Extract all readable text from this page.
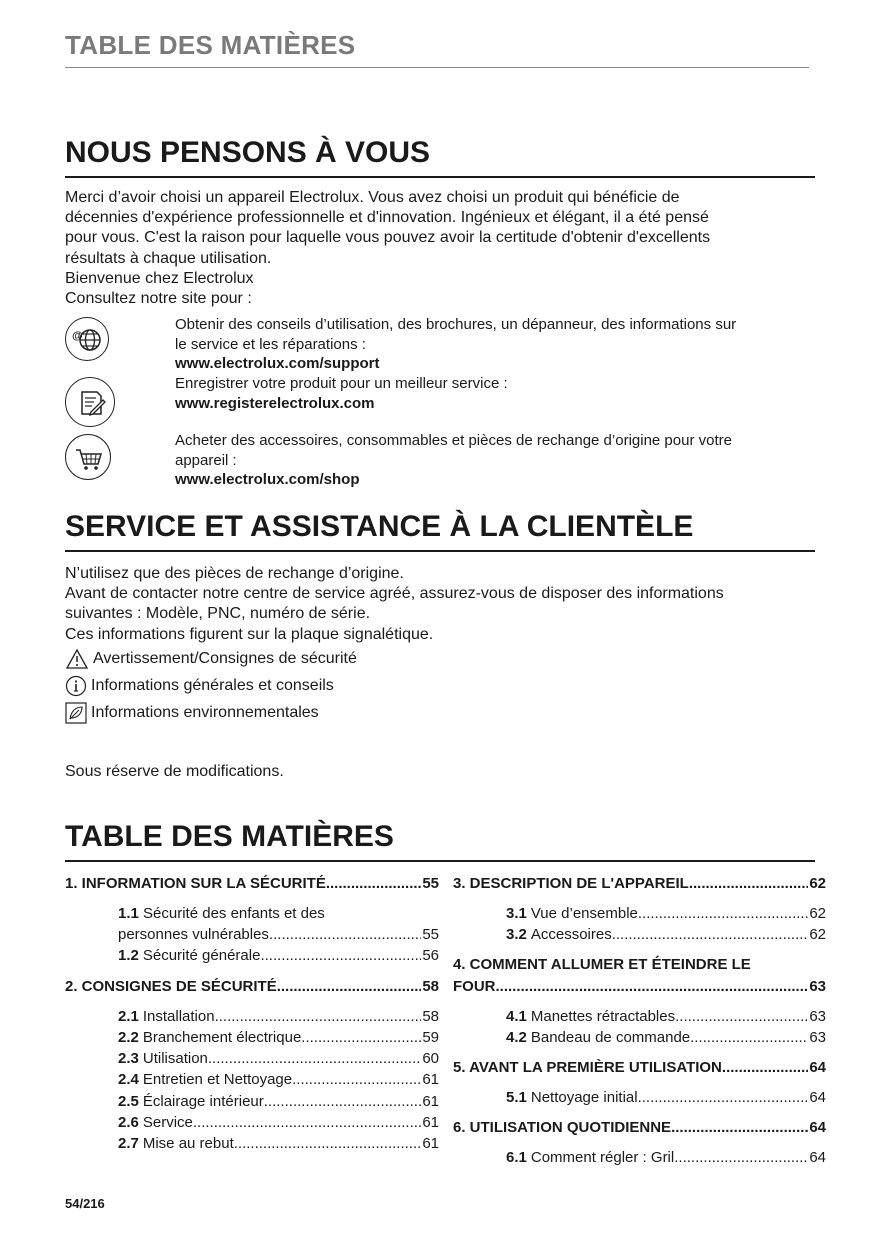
TABLE DES MATIÈRES
NOUS PENSONS À VOUS
Merci d’avoir choisi un appareil Electrolux. Vous avez choisi un produit qui bénéficie de
décennies d'expérience professionnelle et d'innovation. Ingénieux et élégant, il a été pensé
pour vous. C'est la raison pour laquelle vous pouvez avoir la certitude d'obtenir d'excellents
résultats à chaque utilisation.
Bienvenue chez Electrolux
Consultez notre site pour :
@
Obtenir des conseils d’utilisation, des brochures, un dépanneur, des informations sur
le service et les réparations :
www.electrolux.com/support
Enregistrer votre produit pour un meilleur service :
www.registerelectrolux.com
Acheter des accessoires, consommables et pièces de rechange d’origine pour votre
appareil :
www.electrolux.com/shop
SERVICE ET ASSISTANCE À LA CLIENTÈLE
N’utilisez que des pièces de rechange d’origine.
Avant de contacter notre centre de service agréé, assurez-vous de disposer des informations
suivantes : Modèle, PNC, numéro de série.
Ces informations figurent sur la plaque signalétique.
Avertissement/Consignes de sécurité
Informations générales et conseils
Informations environnementales
Sous réserve de modifications.
TABLE DES MATIÈRES
1. INFORMATION SUR LA SÉCURITÉ .....	55
1.1 Sécurité des enfants et des
personnes vulnérables .....	55
1.2 Sécurité générale .....	56
2. CONSIGNES DE SÉCURITÉ .....	58
2.1 Installation .....	58
2.2 Branchement électrique .....	59
2.3 Utilisation .....	60
2.4 Entretien et Nettoyage .....	61
2.5 Éclairage intérieur .....	61
2.6 Service .....	61
2.7 Mise au rebut .....	61
3. DESCRIPTION DE L'APPAREIL .....	62
3.1 Vue d’ensemble .....	62
3.2 Accessoires .....	62
4. COMMENT ALLUMER ET ÉTEINDRE LE
FOUR .....	63
4.1 Manettes rétractables .....	63
4.2 Bandeau de commande .....	63
5. AVANT LA PREMIÈRE UTILISATION .....	64
5.1 Nettoyage initial .....	64
6. UTILISATION QUOTIDIENNE .....	64
6.1 Comment régler : Gril .....	64
54/216
